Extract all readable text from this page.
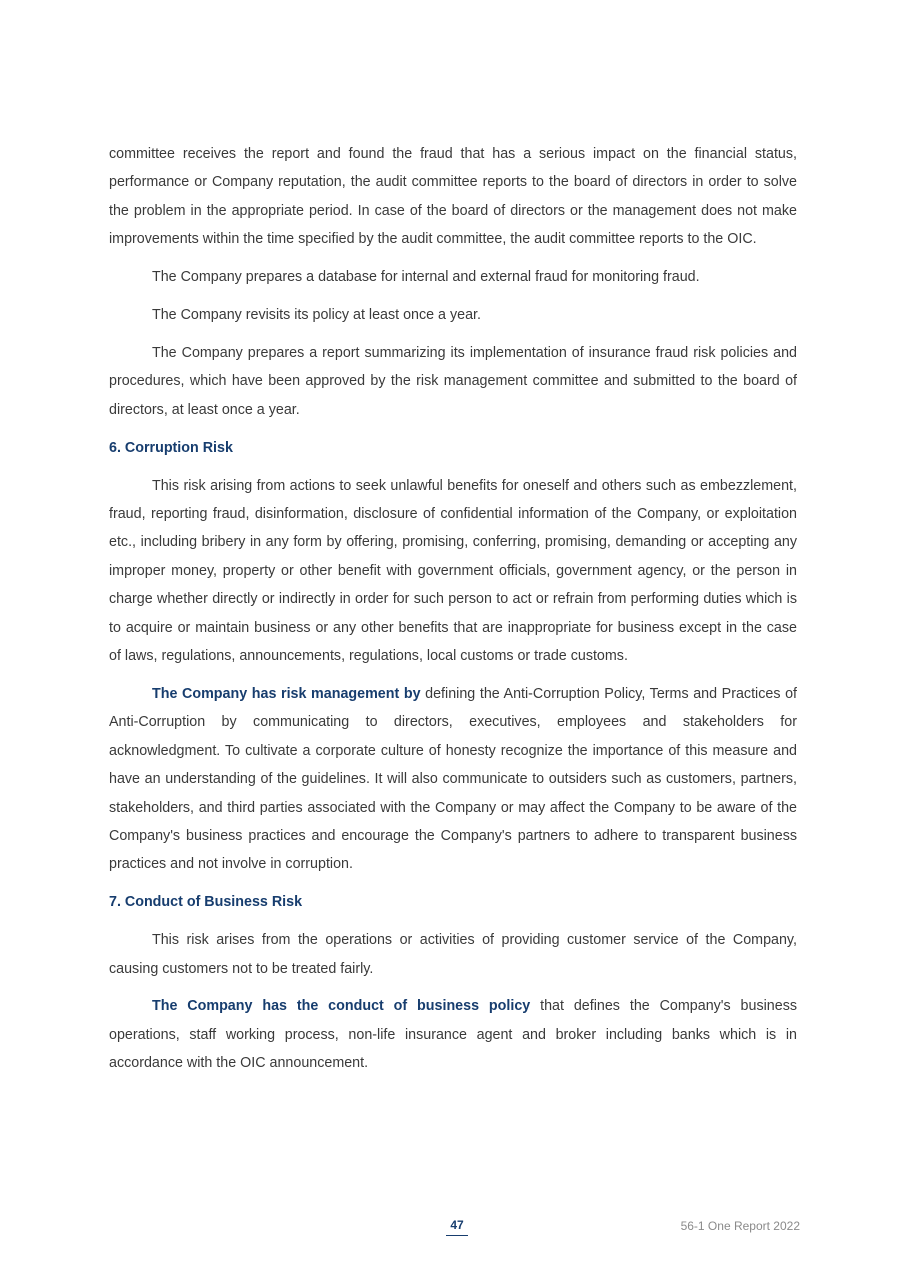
committee receives the report and found the fraud that has a serious impact on the financial status, performance or Company reputation, the audit committee reports to the board of directors in order to solve the problem in the appropriate period. In case of the board of directors or the management does not make improvements within the time specified by the audit committee, the audit committee reports to the OIC.

The Company prepares a database for internal and external fraud for monitoring fraud.

The Company revisits its policy at least once a year.

The Company prepares a report summarizing its implementation of insurance fraud risk policies and procedures, which have been approved by the risk management committee and submitted to the board of directors, at least once a year.

6. Corruption Risk

This risk arising from actions to seek unlawful benefits for oneself and others such as embezzlement, fraud, reporting fraud, disinformation, disclosure of confidential information of the Company, or exploitation etc., including bribery in any form by offering, promising, conferring, promising, demanding or accepting any improper money, property or other benefit with government officials, government agency, or the person in charge whether directly or indirectly in order for such person to act or refrain from performing duties which is to acquire or maintain business or any other benefits that are inappropriate for business except in the case of laws, regulations, announcements, regulations, local customs or trade customs.

The Company has risk management by defining the Anti-Corruption Policy, Terms and Practices of Anti-Corruption by communicating to directors, executives, employees and stakeholders for acknowledgment. To cultivate a corporate culture of honesty recognize the importance of this measure and have an understanding of the guidelines. It will also communicate to outsiders such as customers, partners, stakeholders, and third parties associated with the Company or may affect the Company to be aware of the Company's business practices and encourage the Company's partners to adhere to transparent business practices and not involve in corruption.

7. Conduct of Business Risk

This risk arises from the operations or activities of providing customer service of the Company, causing customers not to be treated fairly.

The Company has the conduct of business policy that defines the Company's business operations, staff working process, non-life insurance agent and broker including banks which is in accordance with the OIC announcement.

47	56-1 One Report 2022
